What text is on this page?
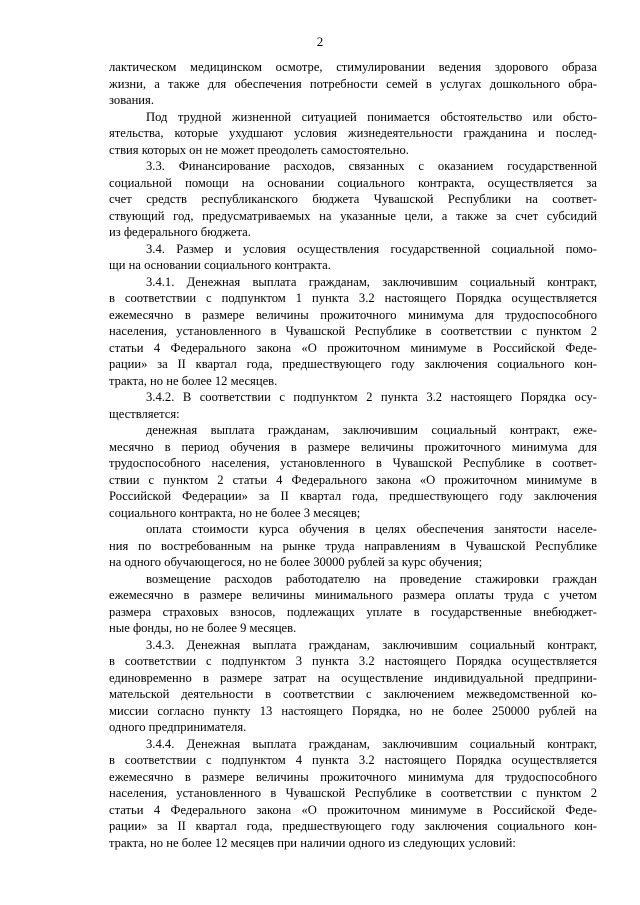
2
лактическом медицинском осмотре, стимулировании ведения здорового образа
жизни, а также для обеспечения потребности семей в услугах дошкольного обра-
зования.
Под трудной жизненной ситуацией понимается обстоятельство или обсто-
ятельства, которые ухудшают условия жизнедеятельности гражданина и послед-
ствия которых он не может преодолеть самостоятельно.
3.3. Финансирование расходов, связанных с оказанием государственной
социальной помощи на основании социального контракта, осуществляется за
счет средств республиканского бюджета Чувашской Республики на соответ-
ствующий год, предусматриваемых на указанные цели, а также за счет субсидий
из федерального бюджета.
3.4. Размер и условия осуществления государственной социальной помо-
щи на основании социального контракта.
3.4.1. Денежная выплата гражданам, заключившим социальный контракт,
в соответствии с подпунктом 1 пункта 3.2 настоящего Порядка осуществляется
ежемесячно в размере величины прожиточного минимума для трудоспособного
населения, установленного в Чувашской Республике в соответствии с пунктом 2
статьи 4 Федерального закона «О прожиточном минимуме в Российской Феде-
рации» за II квартал года, предшествующего году заключения социального кон-
тракта, но не более 12 месяцев.
3.4.2. В соответствии с подпунктом 2 пункта 3.2 настоящего Порядка осу-
ществляется:
денежная выплата гражданам, заключившим социальный контракт, еже-
месячно в период обучения в размере величины прожиточного минимума для
трудоспособного населения, установленного в Чувашской Республике в соответ-
ствии с пунктом 2 статьи 4 Федерального закона «О прожиточном минимуме в
Российской Федерации» за II квартал года, предшествующего году заключения
социального контракта, но не более 3 месяцев;
оплата стоимости курса обучения в целях обеспечения занятости населе-
ния по востребованным на рынке труда направлениям в Чувашской Республике
на одного обучающегося, но не более 30000 рублей за курс обучения;
возмещение расходов работодателю на проведение стажировки граждан
ежемесячно в размере величины минимального размера оплаты труда с учетом
размера страховых взносов, подлежащих уплате в государственные внебюджет-
ные фонды, но не более 9 месяцев.
3.4.3. Денежная выплата гражданам, заключившим социальный контракт,
в соответствии с подпунктом 3 пункта 3.2 настоящего Порядка осуществляется
единовременно в размере затрат на осуществление индивидуальной предприни-
мательской деятельности в соответствии с заключением межведомственной ко-
миссии согласно пункту 13 настоящего Порядка, но не более 250000 рублей на
одного предпринимателя.
3.4.4. Денежная выплата гражданам, заключившим социальный контракт,
в соответствии с подпунктом 4 пункта 3.2 настоящего Порядка осуществляется
ежемесячно в размере величины прожиточного минимума для трудоспособного
населения, установленного в Чувашской Республике в соответствии с пунктом 2
статьи 4 Федерального закона «О прожиточном минимуме в Российской Феде-
рации» за II квартал года, предшествующего году заключения социального кон-
тракта, но не более 12 месяцев при наличии одного из следующих условий:
